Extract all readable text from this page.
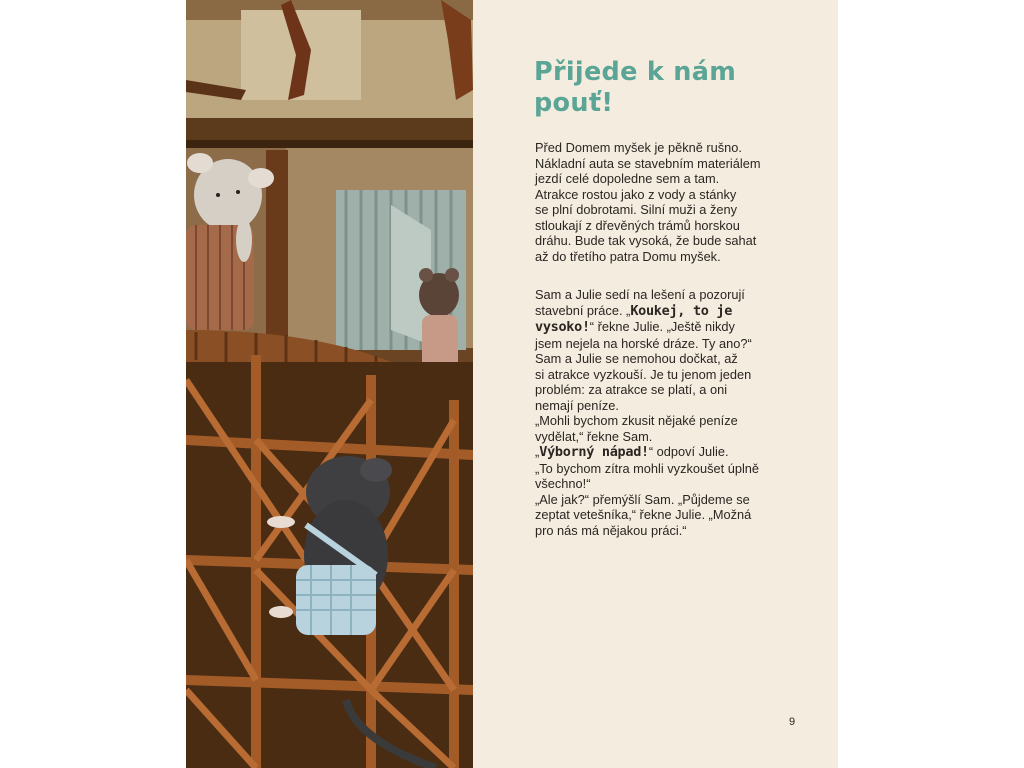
Přijede k nám
pouť!

Před Domem myšek je pěkně rušno.
Nákladní auta se stavebním materiálem
jezdí celé dopoledne sem a tam.
Atrakce rostou jako z vody a stánky
se plní dobrotami. Silní muži a ženy
stloukají z dřevěných trámů horskou
dráhu. Bude tak vysoká, že bude sahat
až do třetího patra Domu myšek.

Sam a Julie sedí na lešení a pozorují
stavební práce. „Koukej, to je
vysoko!“ řekne Julie. „Ještě nikdy
jsem nejela na horské dráze. Ty ano?“
Sam a Julie se nemohou dočkat, až
si atrakce vyzkouší. Je tu jenom jeden
problém: za atrakce se platí, a oni
nemají peníze.
„Mohli bychom zkusit nějaké peníze
vydělat,“ řekne Sam.
„Výborný nápad!“ odpoví Julie.
„To bychom zítra mohli vyzkoušet úplně
všechno!“
„Ale jak?“ přemýšlí Sam. „Půjdeme se
zeptat vetešníka,“ řekne Julie. „Možná
pro nás má nějakou práci.“

9
